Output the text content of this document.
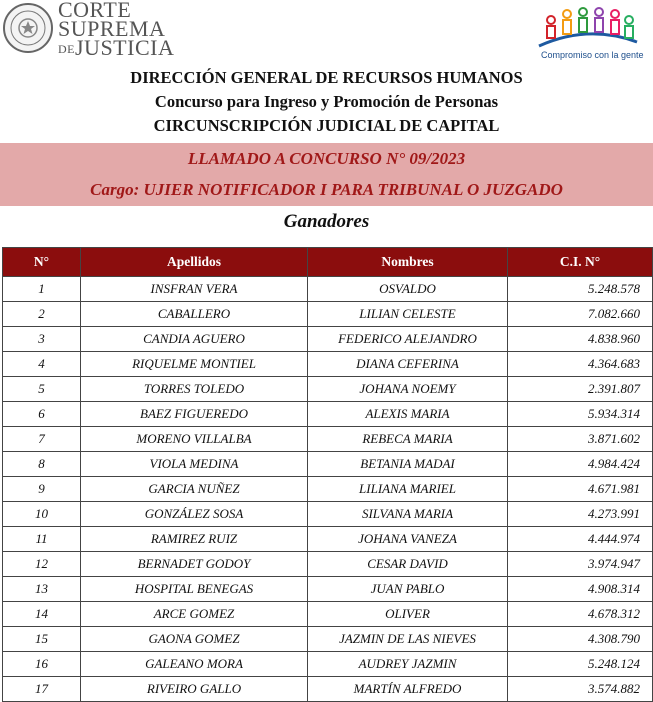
CORTE
SUPREMA
DEJUSTICIA	Compromiso con la gente
DIRECCIÓN GENERAL DE RECURSOS HUMANOS
Concurso para Ingreso y Promoción de Personas
CIRCUNSCRIPCIÓN JUDICIAL DE CAPITAL
LLAMADO A CONCURSO N° 09/2023
Cargo: UJIER NOTIFICADOR I PARA TRIBUNAL O JUZGADO
Ganadores
N°	Apellidos	Nombres	C.I. N°
1	INSFRAN VERA	OSVALDO	5.248.578
2	CABALLERO	LILIAN CELESTE	7.082.660
3	CANDIA AGUERO	FEDERICO ALEJANDRO	4.838.960
4	RIQUELME MONTIEL	DIANA CEFERINA	4.364.683
5	TORRES TOLEDO	JOHANA NOEMY	2.391.807
6	BAEZ FIGUEREDO	ALEXIS MARIA	5.934.314
7	MORENO VILLALBA	REBECA MARIA	3.871.602
8	VIOLA MEDINA	BETANIA MADAI	4.984.424
9	GARCIA NUÑEZ	LILIANA MARIEL	4.671.981
10	GONZÁLEZ SOSA	SILVANA MARIA	4.273.991
11	RAMIREZ RUIZ	JOHANA VANEZA	4.444.974
12	BERNADET GODOY	CESAR DAVID	3.974.947
13	HOSPITAL BENEGAS	JUAN PABLO	4.908.314
14	ARCE GOMEZ	OLIVER	4.678.312
15	GAONA GOMEZ	JAZMIN DE LAS NIEVES	4.308.790
16	GALEANO MORA	AUDREY JAZMIN	5.248.124
17	RIVEIRO GALLO	MARTÍN ALFREDO	3.574.882
